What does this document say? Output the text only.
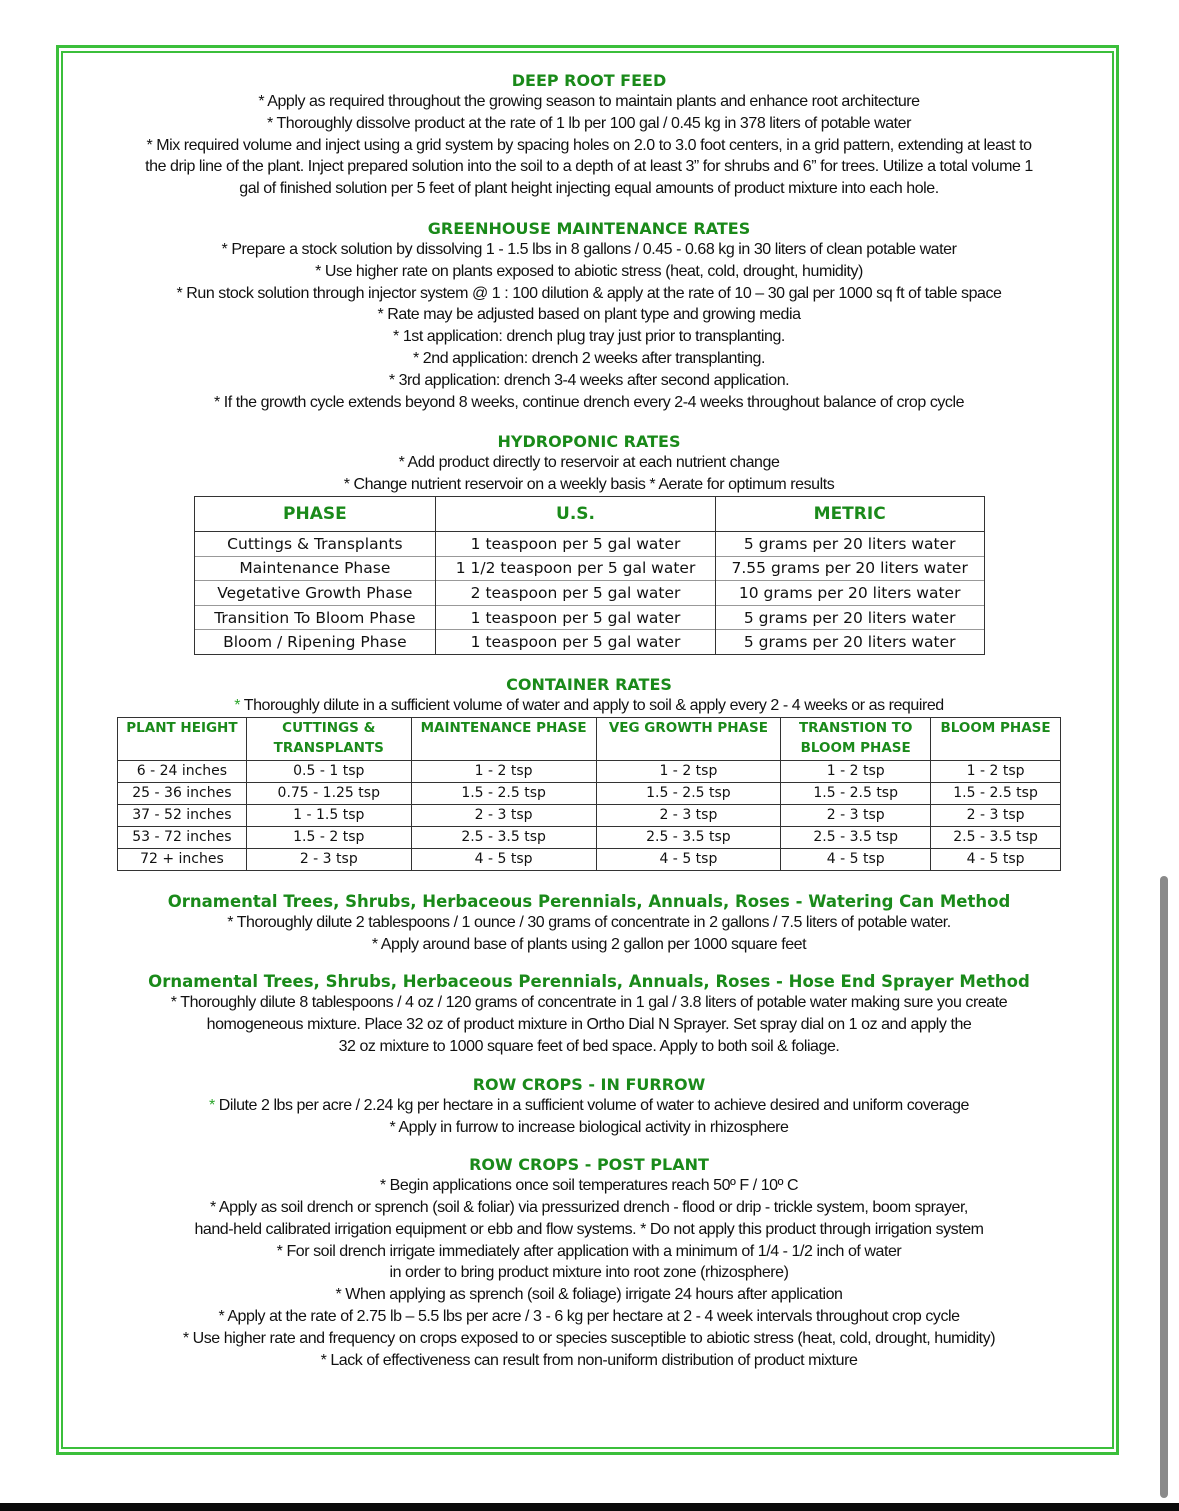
DEEP ROOT FEED

* Apply as required throughout the growing season to maintain plants and enhance root architecture

* Thoroughly dissolve product at the rate of 1 lb per 100 gal / 0.45 kg in 378 liters of potable water

* Mix required volume and inject using a grid system by spacing holes on 2.0 to 3.0 foot centers, in a grid pattern, extending at least to

the drip line of the plant. Inject prepared solution into the soil to a depth of at least 3” for shrubs and 6” for trees. Utilize a total volume 1

gal of finished solution per 5 feet of plant height injecting equal amounts of product mixture into each hole.

GREENHOUSE MAINTENANCE RATES

* Prepare a stock solution by dissolving 1 - 1.5 lbs in 8 gallons / 0.45 - 0.68 kg in 30 liters of clean potable water

* Use higher rate on plants exposed to abiotic stress (heat, cold, drought, humidity)

* Run stock solution through injector system @ 1 : 100 dilution & apply at the rate of 10 – 30 gal per 1000 sq ft of table space

* Rate may be adjusted based on plant type and growing media

* 1st application: drench plug tray just prior to transplanting.

* 2nd application: drench 2 weeks after transplanting.

* 3rd application: drench 3-4 weeks after second application.

* If the growth cycle extends beyond 8 weeks, continue drench every 2-4 weeks throughout balance of crop cycle

HYDROPONIC RATES

* Add product directly to reservoir at each nutrient change

* Change nutrient reservoir on a weekly basis * Aerate for optimum results

PHASE	U.S.	METRIC
Cuttings & Transplants	1 teaspoon per 5 gal water	5 grams per 20 liters water
Maintenance Phase	1 1/2 teaspoon per 5 gal water	7.55 grams per 20 liters water
Vegetative Growth Phase	2 teaspoon per 5 gal water	10 grams per 20 liters water
Transition To Bloom Phase	1 teaspoon per 5 gal water	5 grams per 20 liters water
Bloom / Ripening Phase	1 teaspoon per 5 gal water	5 grams per 20 liters water

CONTAINER RATES

* Thoroughly dilute in a sufficient volume of water and apply to soil & apply every 2 - 4 weeks or as required

PLANT HEIGHT	CUTTINGS & TRANSPLANTS	MAINTENANCE PHASE	VEG GROWTH PHASE	TRANSTION TO BLOOM PHASE	BLOOM PHASE
6 - 24 inches	0.5 - 1 tsp	1 - 2 tsp	1 - 2 tsp	1 - 2 tsp	1 - 2 tsp
25 - 36 inches	0.75 - 1.25 tsp	1.5 - 2.5 tsp	1.5 - 2.5 tsp	1.5 - 2.5 tsp	1.5 - 2.5 tsp
37 - 52 inches	1 - 1.5 tsp	2 - 3 tsp	2 - 3 tsp	2 - 3 tsp	2 - 3 tsp
53 - 72 inches	1.5 - 2 tsp	2.5 - 3.5 tsp	2.5 - 3.5 tsp	2.5 - 3.5 tsp	2.5 - 3.5 tsp
72 + inches	2 - 3 tsp	4 - 5 tsp	4 - 5 tsp	4 - 5 tsp	4 - 5 tsp

Ornamental Trees, Shrubs, Herbaceous Perennials, Annuals, Roses - Watering Can Method

* Thoroughly dilute 2 tablespoons / 1 ounce / 30 grams of concentrate in 2 gallons / 7.5 liters of potable water.

* Apply around base of plants using 2 gallon per 1000 square feet

Ornamental Trees, Shrubs, Herbaceous Perennials, Annuals, Roses - Hose End Sprayer Method

* Thoroughly dilute 8 tablespoons / 4 oz / 120 grams of concentrate in 1 gal / 3.8 liters of potable water making sure you create

homogeneous mixture. Place 32 oz of product mixture in Ortho Dial N Sprayer. Set spray dial on 1 oz and apply the

32 oz mixture to 1000 square feet of bed space. Apply to both soil & foliage.

ROW CROPS - IN FURROW

* Dilute 2 lbs per acre / 2.24 kg per hectare in a sufficient volume of water to achieve desired and uniform coverage

* Apply in furrow to increase biological activity in rhizosphere

ROW CROPS - POST PLANT

* Begin applications once soil temperatures reach 50º F / 10º C

* Apply as soil drench or sprench (soil & foliar) via pressurized drench - flood or drip - trickle system, boom sprayer,

hand-held calibrated irrigation equipment or ebb and flow systems. * Do not apply this product through irrigation system

* For soil drench irrigate immediately after application with a minimum of 1/4 - 1/2 inch of water

in order to bring product mixture into root zone (rhizosphere)

* When applying as sprench (soil & foliage) irrigate 24 hours after application

* Apply at the rate of 2.75 lb – 5.5 lbs per acre / 3 - 6 kg per hectare at 2 - 4 week intervals throughout crop cycle

* Use higher rate and frequency on crops exposed to or species susceptible to abiotic stress (heat, cold, drought, humidity)

* Lack of effectiveness can result from non-uniform distribution of product mixture
